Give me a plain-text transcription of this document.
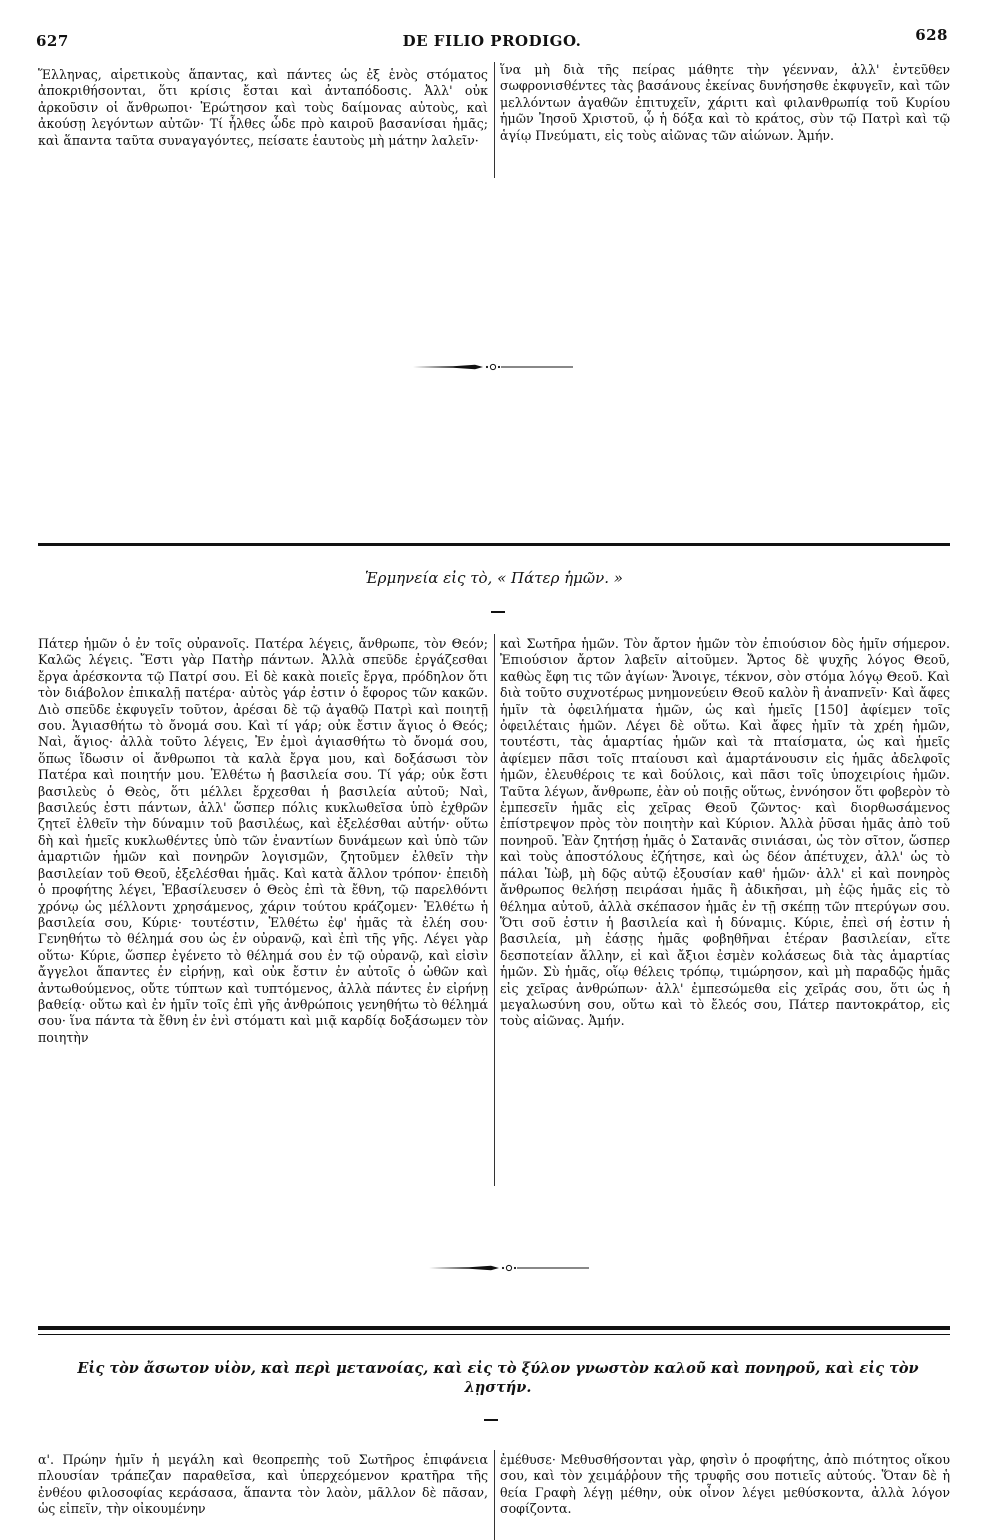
627	DE FILIO PRODIGO.	628

Ἕλληνας, αἱρετικοὺς ἅπαντας, καὶ πάντες ὡς ἐξ ἑνὸς στόματος ἀποκριθήσονται, ὅτι κρίσις ἔσται καὶ ἀνταπόδοσις. Ἀλλ' οὐκ ἀρκοῦσιν οἱ ἄνθρωποι· Ἐρώτησον καὶ τοὺς δαίμονας αὐτοὺς, καὶ ἀκούσῃ λεγόντων αὐτῶν· Τί ἦλθες ὧδε πρὸ καιροῦ βασανίσαι ἡμᾶς; καὶ ἅπαντα ταῦτα συναγαγόντες, πείσατε ἑαυτοὺς μὴ μάτην λαλεῖν·

ἵνα μὴ διὰ τῆς πείρας μάθητε τὴν γέενναν, ἀλλ' ἐντεῦθεν σωφρονισθέντες τὰς βασάνους ἐκείνας δυνήσησθε ἐκφυγεῖν, καὶ τῶν μελλόντων ἀγαθῶν ἐπιτυχεῖν, χάριτι καὶ φιλανθρωπίᾳ τοῦ Κυρίου ἡμῶν Ἰησοῦ Χριστοῦ, ᾧ ἡ δόξα καὶ τὸ κράτος, σὺν τῷ Πατρὶ καὶ τῷ ἁγίῳ Πνεύματι, εἰς τοὺς αἰῶνας τῶν αἰώνων. Ἀμήν.

Ἑρμηνεία εἰς τὸ, « Πάτερ ἡμῶν. »

Πάτερ ἡμῶν ὁ ἐν τοῖς οὐρανοῖς. Πατέρα λέγεις, ἄνθρωπε, τὸν Θεόν; Καλῶς λέγεις. Ἔστι γὰρ Πατὴρ πάντων. Ἀλλὰ σπεῦδε ἐργάζεσθαι ἔργα ἀρέσκοντα τῷ Πατρί σου. Εἰ δὲ κακὰ ποιεῖς ἔργα, πρόδηλον ὅτι τὸν διάβολον ἐπικαλῇ πατέρα· αὐτὸς γάρ ἐστιν ὁ ἔφορος τῶν κακῶν. Διὸ σπεῦδε ἐκφυγεῖν τοῦτον, ἀρέσαι δὲ τῷ ἀγαθῷ Πατρὶ καὶ ποιητῇ σου. Ἁγιασθήτω τὸ ὄνομά σου. Καὶ τί γάρ; οὐκ ἔστιν ἅγιος ὁ Θεός; Ναὶ, ἅγιος· ἀλλὰ τοῦτο λέγεις, Ἐν ἐμοὶ ἁγιασθήτω τὸ ὄνομά σου, ὅπως ἴδωσιν οἱ ἄνθρωποι τὰ καλὰ ἔργα μου, καὶ δοξάσωσι τὸν Πατέρα καὶ ποιητήν μου. Ἐλθέτω ἡ βασιλεία σου. Τί γάρ; οὐκ ἔστι βασιλεὺς ὁ Θεὸς, ὅτι μέλλει ἔρχεσθαι ἡ βασιλεία αὐτοῦ; Ναὶ, βασιλεύς ἐστι πάντων, ἀλλ' ὥσπερ πόλις κυκλωθεῖσα ὑπὸ ἐχθρῶν ζητεῖ ἐλθεῖν τὴν δύναμιν τοῦ βασιλέως, καὶ ἐξελέσθαι αὐτήν· οὕτω δὴ καὶ ἡμεῖς κυκλωθέντες ὑπὸ τῶν ἐναντίων δυνάμεων καὶ ὑπὸ τῶν ἁμαρτιῶν ἡμῶν καὶ πονηρῶν λογισμῶν, ζητοῦμεν ἐλθεῖν τὴν βασιλείαν τοῦ Θεοῦ, ἐξελέσθαι ἡμᾶς. Καὶ κατὰ ἄλλον τρόπον· ἐπειδὴ ὁ προφήτης λέγει, Ἐβασίλευσεν ὁ Θεὸς ἐπὶ τὰ ἔθνη, τῷ παρελθόντι χρόνῳ ὡς μέλλοντι χρησάμενος, χάριν τούτου κράζομεν· Ἐλθέτω ἡ βασιλεία σου, Κύριε· τουτέστιν, Ἐλθέτω ἐφ' ἡμᾶς τὰ ἐλέη σου· Γενηθήτω τὸ θέλημά σου ὡς ἐν οὐρανῷ, καὶ ἐπὶ τῆς γῆς. Λέγει γὰρ οὕτω· Κύριε, ὥσπερ ἐγένετο τὸ θέλημά σου ἐν τῷ οὐρανῷ, καὶ εἰσὶν ἄγγελοι ἅπαντες ἐν εἰρήνῃ, καὶ οὐκ ἔστιν ἐν αὐτοῖς ὁ ὠθῶν καὶ ἀντωθούμενος, οὔτε τύπτων καὶ τυπτόμενος, ἀλλὰ πάντες ἐν εἰρήνῃ βαθείᾳ· οὕτω καὶ ἐν ἡμῖν τοῖς ἐπὶ γῆς ἀνθρώποις γενηθήτω τὸ θέλημά σου· ἵνα πάντα τὰ ἔθνη ἐν ἑνὶ στόματι καὶ μιᾷ καρδίᾳ δοξάσωμεν τὸν ποιητὴν

καὶ Σωτῆρα ἡμῶν. Τὸν ἄρτον ἡμῶν τὸν ἐπιούσιον δὸς ἡμῖν σήμερον. Ἐπιούσιον ἄρτον λαβεῖν αἰτοῦμεν. Ἄρτος δὲ ψυχῆς λόγος Θεοῦ, καθὼς ἔφη τις τῶν ἁγίων· Ἄνοιγε, τέκνον, σὸν στόμα λόγῳ Θεοῦ. Καὶ διὰ τοῦτο συχνοτέρως μνημονεύειν Θεοῦ καλὸν ἢ ἀναπνεῖν· Καὶ ἄφες ἡμῖν τὰ ὀφειλήματα ἡμῶν, ὡς καὶ ἡμεῖς [150] ἀφίεμεν τοῖς ὀφειλέταις ἡμῶν. Λέγει δὲ οὕτω. Καὶ ἄφες ἡμῖν τὰ χρέη ἡμῶν, τουτέστι, τὰς ἁμαρτίας ἡμῶν καὶ τὰ πταίσματα, ὡς καὶ ἡμεῖς ἀφίεμεν πᾶσι τοῖς πταίουσι καὶ ἁμαρτάνουσιν εἰς ἡμᾶς ἀδελφοῖς ἡμῶν, ἐλευθέροις τε καὶ δούλοις, καὶ πᾶσι τοῖς ὑποχειρίοις ἡμῶν. Ταῦτα λέγων, ἄνθρωπε, ἐὰν οὐ ποιῇς οὕτως, ἐννόησον ὅτι φοβερὸν τὸ ἐμπεσεῖν ἡμᾶς εἰς χεῖρας Θεοῦ ζῶντος· καὶ διορθωσάμενος ἐπίστρεψον πρὸς τὸν ποιητὴν καὶ Κύριον. Ἀλλὰ ῥῦσαι ἡμᾶς ἀπὸ τοῦ πονηροῦ. Ἐὰν ζητήσῃ ἡμᾶς ὁ Σατανᾶς σινιάσαι, ὡς τὸν σῖτον, ὥσπερ καὶ τοὺς ἀποστόλους ἐζήτησε, καὶ ὡς δέον ἀπέτυχεν, ἀλλ' ὡς τὸ πάλαι Ἰὼβ, μὴ δῷς αὐτῷ ἐξουσίαν καθ' ἡμῶν· ἀλλ' εἰ καὶ πονηρὸς ἄνθρωπος θελήσῃ πειράσαι ἡμᾶς ἢ ἀδικῆσαι, μὴ ἐῷς ἡμᾶς εἰς τὸ θέλημα αὐτοῦ, ἀλλὰ σκέπασον ἡμᾶς ἐν τῇ σκέπῃ τῶν πτερύγων σου. Ὅτι σοῦ ἐστιν ἡ βασιλεία καὶ ἡ δύναμις. Κύριε, ἐπεὶ σή ἐστιν ἡ βασιλεία, μὴ ἐάσῃς ἡμᾶς φοβηθῆναι ἑτέραν βασιλείαν, εἴτε δεσποτείαν ἄλλην, εἰ καὶ ἄξιοι ἐσμὲν κολάσεως διὰ τὰς ἁμαρτίας ἡμῶν. Σὺ ἡμᾶς, οἵῳ θέλεις τρόπῳ, τιμώρησον, καὶ μὴ παραδῷς ἡμᾶς εἰς χεῖρας ἀνθρώπων· ἀλλ' ἐμπεσώμεθα εἰς χεῖράς σου, ὅτι ὡς ἡ μεγαλωσύνη σου, οὕτω καὶ τὸ ἔλεός σου, Πάτερ παντοκράτορ, εἰς τοὺς αἰῶνας. Ἀμήν.

Εἰς τὸν ἄσωτον υἱὸν, καὶ περὶ μετανοίας, καὶ εἰς τὸ ξύλον γνωστὸν καλοῦ καὶ πονηροῦ, καὶ εἰς τὸν λῃστήν.

α'. Πρώην ἡμῖν ἡ μεγάλη καὶ θεοπρεπὴς τοῦ Σωτῆρος ἐπιφάνεια πλουσίαν τράπεζαν παραθεῖσα, καὶ ὑπερχεόμενον κρατῆρα τῆς ἐνθέου φιλοσοφίας κεράσασα, ἅπαντα τὸν λαὸν, μᾶλλον δὲ πᾶσαν, ὡς εἰπεῖν, τὴν οἰκουμένην

ἐμέθυσε· Μεθυσθήσονται γὰρ, φησὶν ὁ προφήτης, ἀπὸ πιότητος οἴκου σου, καὶ τὸν χειμάῤῥουν τῆς τρυφῆς σου ποτιεῖς αὐτούς. Ὅταν δὲ ἡ θεία Γραφὴ λέγῃ μέθην, οὐκ οἶνον λέγει μεθύσκοντα, ἀλλὰ λόγον σοφίζοντα.
